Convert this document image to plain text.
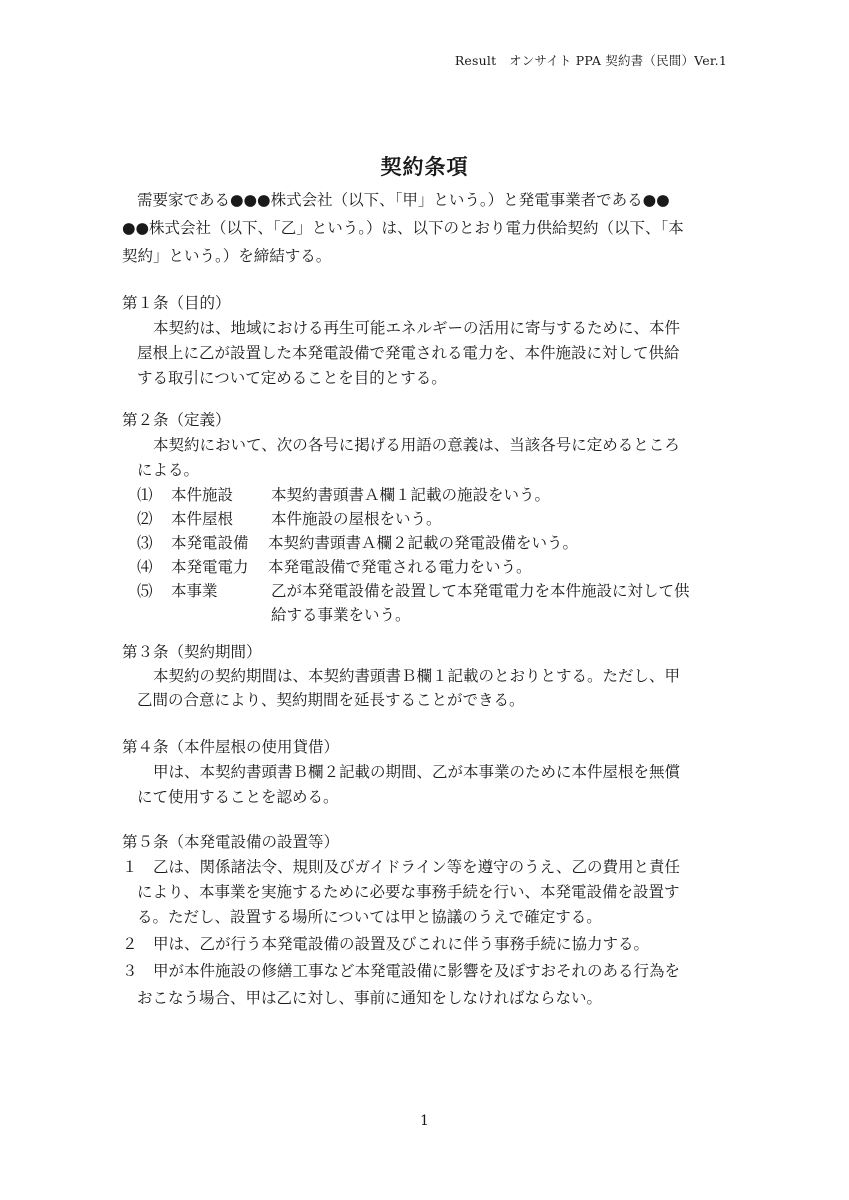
Result　オンサイト PPA 契約書（民間）Ver.1
契約条項
需要家である●●●株式会社（以下、「甲」という。）と発電事業者である●●
●●株式会社（以下、「乙」という。）は、以下のとおり電力供給契約（以下、「本
契約」という。）を締結する。
第１条（目的）
本契約は、地域における再生可能エネルギーの活用に寄与するために、本件
屋根上に乙が設置した本発電設備で発電される電力を、本件施設に対して供給
する取引について定めることを目的とする。
第２条（定義）
本契約において、次の各号に掲げる用語の意義は、当該各号に定めるところ
による。
⑴ 本件施設 本契約書頭書Ａ欄１記載の施設をいう。
⑵ 本件屋根 本件施設の屋根をいう。
⑶ 本発電設備 本契約書頭書Ａ欄２記載の発電設備をいう。
⑷ 本発電電力 本発電設備で発電される電力をいう。
⑸ 本事業	乙が本発電設備を設置して本発電電力を本件施設に対して供
給する事業をいう。
第３条（契約期間）
本契約の契約期間は、本契約書頭書Ｂ欄１記載のとおりとする。ただし、甲
乙間の合意により、契約期間を延長することができる。
第４条（本件屋根の使用貸借）
甲は、本契約書頭書Ｂ欄２記載の期間、乙が本事業のために本件屋根を無償
にて使用することを認める。
第５条（本発電設備の設置等）
１ 乙は、関係諸法令、規則及びガイドライン等を遵守のうえ、乙の費用と責任
により、本事業を実施するために必要な事務手続を行い、本発電設備を設置す
る。ただし、設置する場所については甲と協議のうえで確定する。
２ 甲は、乙が行う本発電設備の設置及びこれに伴う事務手続に協力する。
３ 甲が本件施設の修繕工事など本発電設備に影響を及ぼすおそれのある行為を
おこなう場合、甲は乙に対し、事前に通知をしなければならない。
1
